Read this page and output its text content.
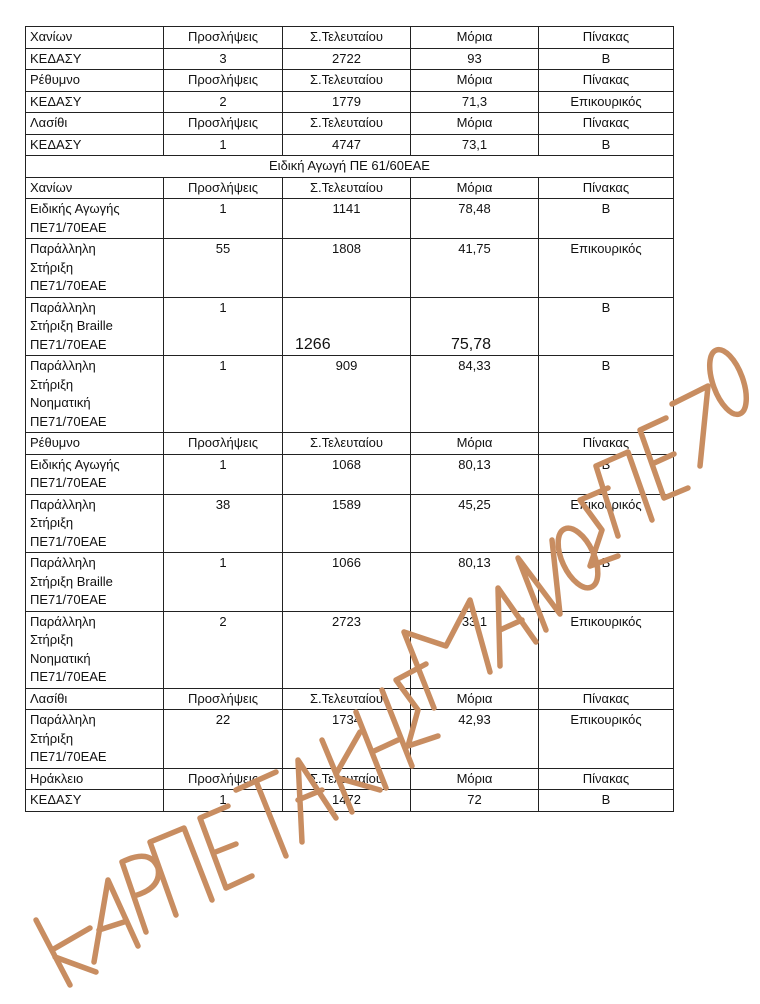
Χανίων	Προσλήψεις	Σ.Τελευταίου	Μόρια	Πίνακας
ΚΕΔΑΣΥ	3	2722	93	Β
Ρέθυμνο	Προσλήψεις	Σ.Τελευταίου	Μόρια	Πίνακας
ΚΕΔΑΣΥ	2	1779	71,3	Επικουρικός
Λασίθι	Προσλήψεις	Σ.Τελευταίου	Μόρια	Πίνακας
ΚΕΔΑΣΥ	1	4747	73,1	Β
Ειδική Αγωγή ΠΕ 61/60ΕΑΕ				
Χανίων	Προσλήψεις	Σ.Τελευταίου	Μόρια	Πίνακας
Ειδικής Αγωγής
ΠΕ71/70ΕΑΕ	1	1141	78,48	Β
Παράλληλη
Στήριξη
ΠΕ71/70ΕΑΕ	55	1808	41,75	Επικουρικός
Παράλληλη
Στήριξη Braille
ΠΕ71/70ΕΑΕ	1	1266	75,78	Β
Παράλληλη
Στήριξη
Νοηματική
ΠΕ71/70ΕΑΕ	1	909	84,33	Β
Ρέθυμνο	Προσλήψεις	Σ.Τελευταίου	Μόρια	Πίνακας
Ειδικής Αγωγής
ΠΕ71/70ΕΑΕ	1	1068	80,13	Β
Παράλληλη
Στήριξη
ΠΕ71/70ΕΑΕ	38	1589	45,25	Επικουρικός
Παράλληλη
Στήριξη Braille
ΠΕ71/70ΕΑΕ	1	1066	80,13	Β
Παράλληλη
Στήριξη
Νοηματική
ΠΕ71/70ΕΑΕ	2	2723	33,1	Επικουρικός
Λασίθι	Προσλήψεις	Σ.Τελευταίου	Μόρια	Πίνακας
Παράλληλη
Στήριξη
ΠΕ71/70ΕΑΕ	22	1734	42,93	Επικουρικός
Ηράκλειο	Προσλήψεις	Σ.Τελευταίου	Μόρια	Πίνακας
ΚΕΔΑΣΥ	1	1472	72	Β
